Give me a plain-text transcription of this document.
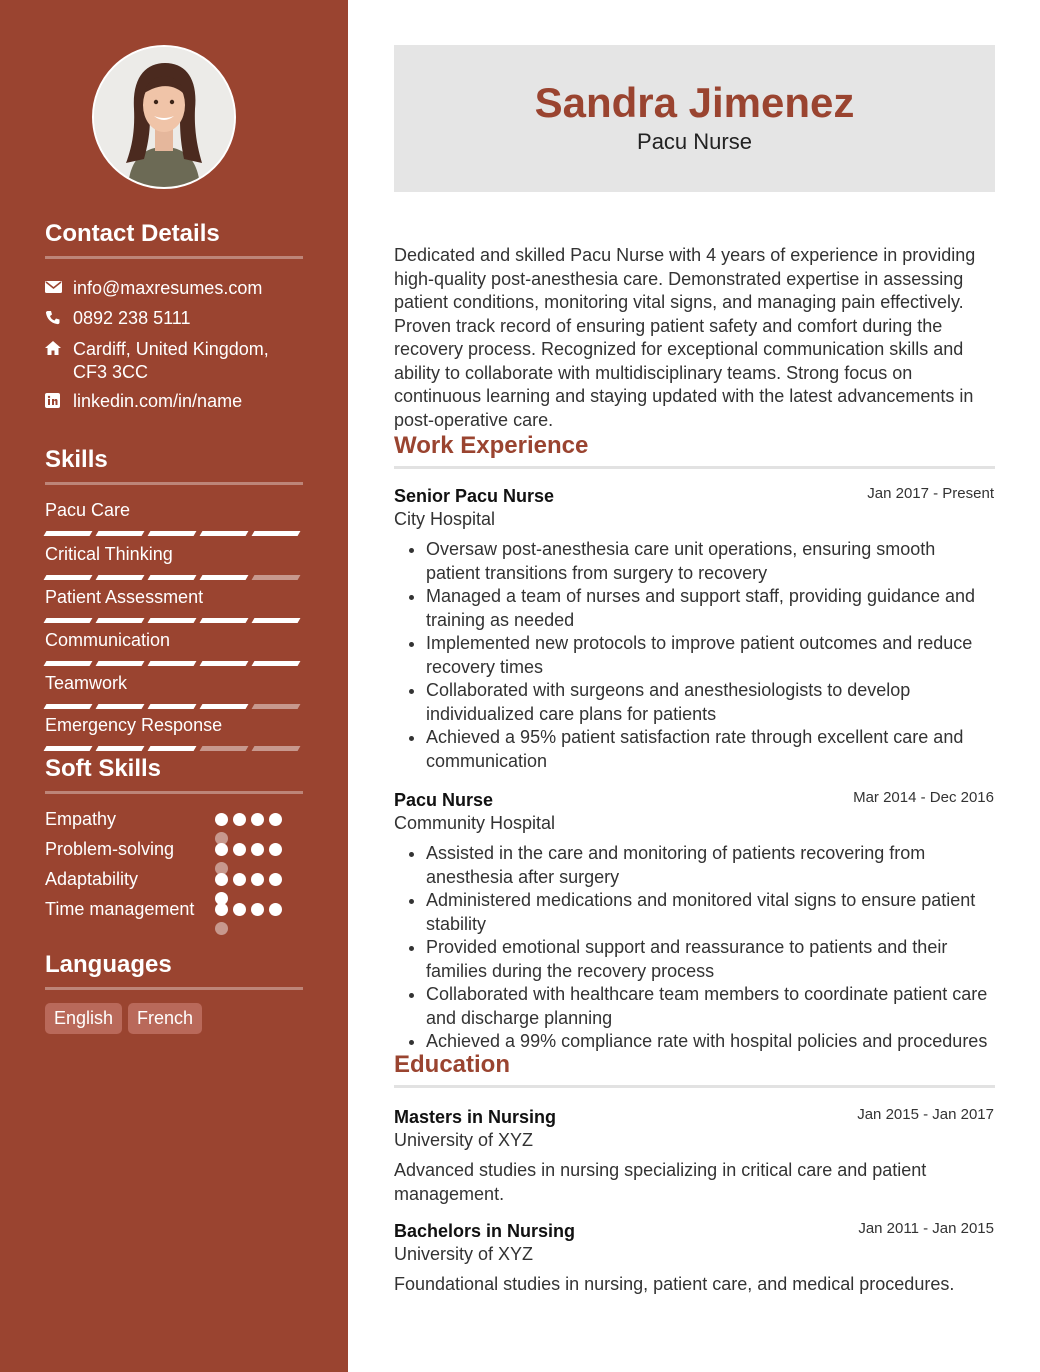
Contact Details
info@maxresumes.com
0892 238 5111
Cardiff, United Kingdom,
CF3 3CC
linkedin.com/in/name
Skills
Pacu Care
Critical Thinking
Patient Assessment
Communication
Teamwork
Emergency Response
Soft Skills
Empathy
Problem-solving
Adaptability
Time management
Languages
English	French
Sandra Jimenez
Pacu Nurse
Dedicated and skilled Pacu Nurse with 4 years of experience in providing high-quality post-anesthesia care. Demonstrated expertise in assessing patient conditions, monitoring vital signs, and managing pain effectively. Proven track record of ensuring patient safety and comfort during the recovery process. Recognized for exceptional communication skills and ability to collaborate with multidisciplinary teams. Strong focus on continuous learning and staying updated with the latest advancements in post-operative care.
Work Experience
Senior Pacu Nurse	Jan 2017 - Present
City Hospital
• Oversaw post-anesthesia care unit operations, ensuring smooth patient transitions from surgery to recovery
• Managed a team of nurses and support staff, providing guidance and training as needed
• Implemented new protocols to improve patient outcomes and reduce recovery times
• Collaborated with surgeons and anesthesiologists to develop individualized care plans for patients
• Achieved a 95% patient satisfaction rate through excellent care and communication
Pacu Nurse	Mar 2014 - Dec 2016
Community Hospital
• Assisted in the care and monitoring of patients recovering from anesthesia after surgery
• Administered medications and monitored vital signs to ensure patient stability
• Provided emotional support and reassurance to patients and their families during the recovery process
• Collaborated with healthcare team members to coordinate patient care and discharge planning
• Achieved a 99% compliance rate with hospital policies and procedures
Education
Masters in Nursing	Jan 2015 - Jan 2017
University of XYZ
Advanced studies in nursing specializing in critical care and patient management.
Bachelors in Nursing	Jan 2011 - Jan 2015
University of XYZ
Foundational studies in nursing, patient care, and medical procedures.
